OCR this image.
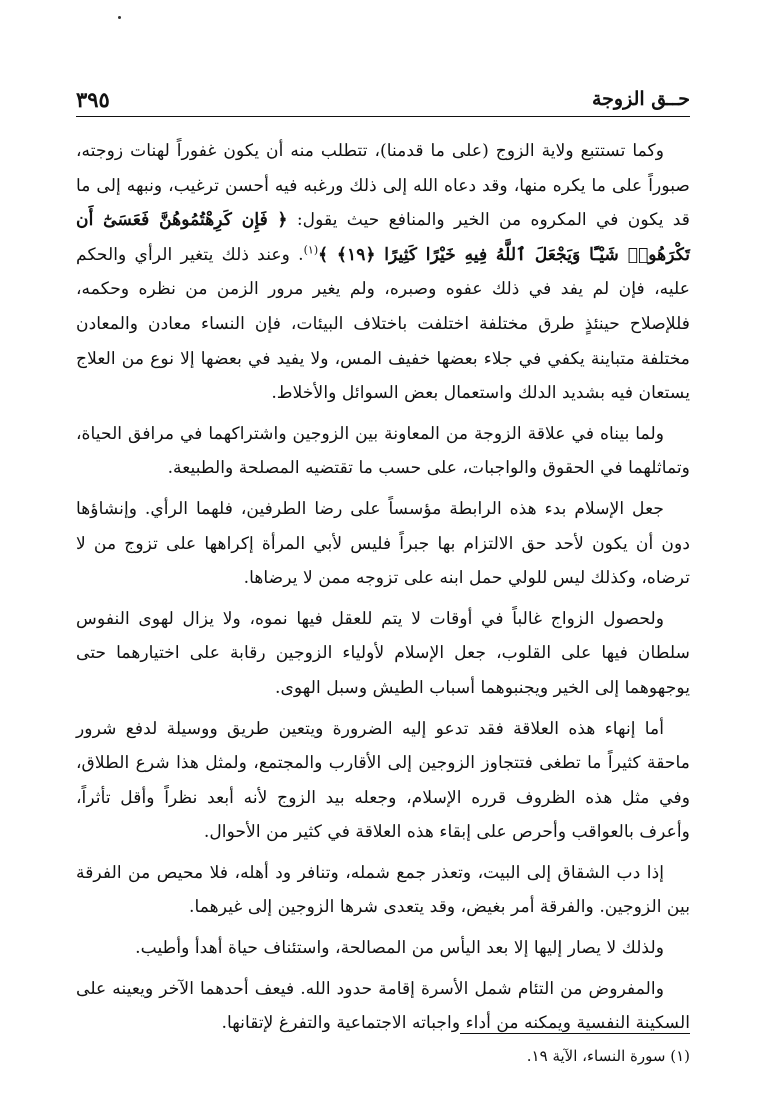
حــق الزوجة
٣٩٥

وكما تستتبع ولاية الزوج (على ما قدمنا)، تتطلب منه أن يكون غفوراً لهنات زوجته، صبوراً على ما يكره منها، وقد دعاه الله إلى ذلك ورغبه فيه أحسن ترغيب، ونبهه إلى ما قد يكون في المكروه من الخير والمنافع حيث يقول: ﴿ فَإِن كَرِهْتُمُوهُنَّ فَعَسَىٰٓ أَن تَكْرَهُوا۟ شَيْـًٔا وَيَجْعَلَ ٱللَّهُ فِيهِ خَيْرًا كَثِيرًا ﴿١٩﴾ ﴾$^{(١)}$. وعند ذلك يتغير الرأي والحكم عليه، فإن لم يفد في ذلك عفوه وصبره، ولم يغير مرور الزمن من نظره وحكمه، فللإصلاح حينئذٍ طرق مختلفة اختلفت باختلاف البيئات، فإن النساء معادن والمعادن مختلفة متباينة يكفي في جلاء بعضها خفيف المس، ولا يفيد في بعضها إلا نوع من العلاج يستعان فيه بشديد الدلك واستعمال بعض السوائل والأخلاط.

ولما بيناه في علاقة الزوجة من المعاونة بين الزوجين واشتراكهما في مرافق الحياة، وتماثلهما في الحقوق والواجبات، على حسب ما تقتضيه المصلحة والطبيعة.

جعل الإسلام بدء هذه الرابطة مؤسساً على رضا الطرفين، فلهما الرأي. وإنشاؤها دون أن يكون لأحد حق الالتزام بها جبراً فليس لأبي المرأة إكراهها على تزوج من لا ترضاه، وكذلك ليس للولي حمل ابنه على تزوجه ممن لا يرضاها.

ولحصول الزواج غالباً في أوقات لا يتم للعقل فيها نموه، ولا يزال لهوى النفوس سلطان فيها على القلوب، جعل الإسلام لأولياء الزوجين رقابة على اختيارهما حتى يوجهوهما إلى الخير ويجنبوهما أسباب الطيش وسبل الهوى.

أما إنهاء هذه العلاقة فقد تدعو إليه الضرورة ويتعين طريق ووسيلة لدفع شرور ماحقة كثيراً ما تطغى فتتجاوز الزوجين إلى الأقارب والمجتمع، ولمثل هذا شرع الطلاق، وفي مثل هذه الظروف قرره الإسلام، وجعله بيد الزوج لأنه أبعد نظراً وأقل تأثراً، وأعرف بالعواقب وأحرص على إبقاء هذه العلاقة في كثير من الأحوال.

إذا دب الشقاق إلى البيت، وتعذر جمع شمله، وتنافر ود أهله، فلا محيص من الفرقة بين الزوجين. والفرقة أمر بغيض، وقد يتعدى شرها الزوجين إلى غيرهما.

ولذلك لا يصار إليها إلا بعد اليأس من المصالحة، واستئناف حياة أهدأ وأطيب.

والمفروض من التئام شمل الأسرة إقامة حدود الله. فيعف أحدهما الآخر ويعينه على السكينة النفسية ويمكنه من أداء واجباته الاجتماعية والتفرغ لإتقانها.

(١) سورة النساء، الآية ١٩.
